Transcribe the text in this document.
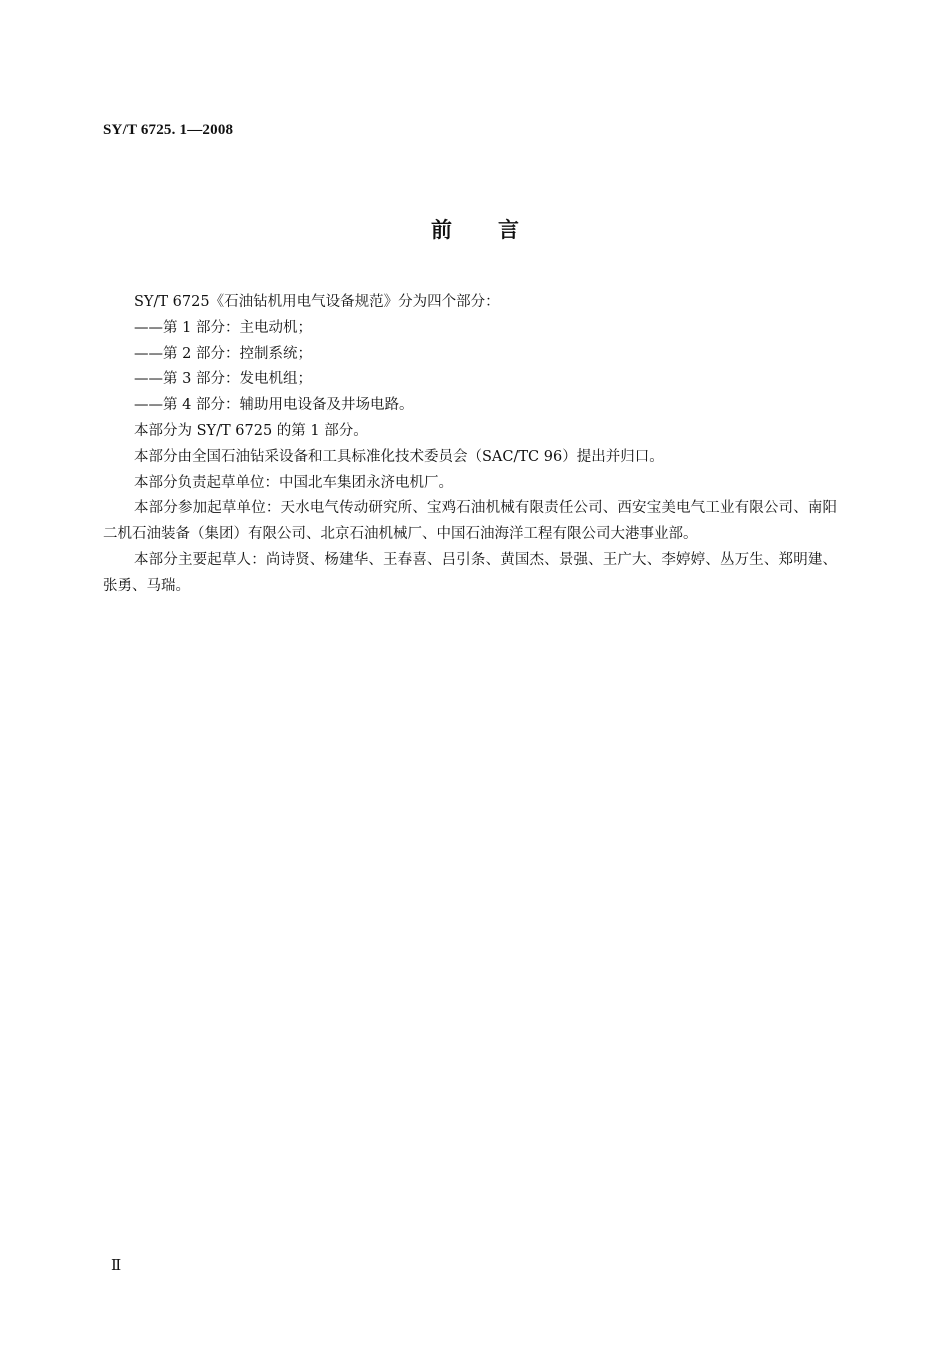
SY/T 6725. 1—2008
前言

SY/T 6725《石油钻机用电气设备规范》分为四个部分：

——第 1 部分：主电动机；

——第 2 部分：控制系统；

——第 3 部分：发电机组；

——第 4 部分：辅助用电设备及井场电路。

本部分为 SY/T 6725 的第 1 部分。

本部分由全国石油钻采设备和工具标准化技术委员会（SAC/TC 96）提出并归口。

本部分负责起草单位：中国北车集团永济电机厂。

本部分参加起草单位：天水电气传动研究所、宝鸡石油机械有限责任公司、西安宝美电气工业有限公司、南阳二机石油装备（集团）有限公司、北京石油机械厂、中国石油海洋工程有限公司大港事业部。

本部分主要起草人：尚诗贤、杨建华、王春喜、吕引条、黄国杰、景强、王广大、李婷婷、丛万生、郑明建、张勇、马瑞。

Ⅱ
